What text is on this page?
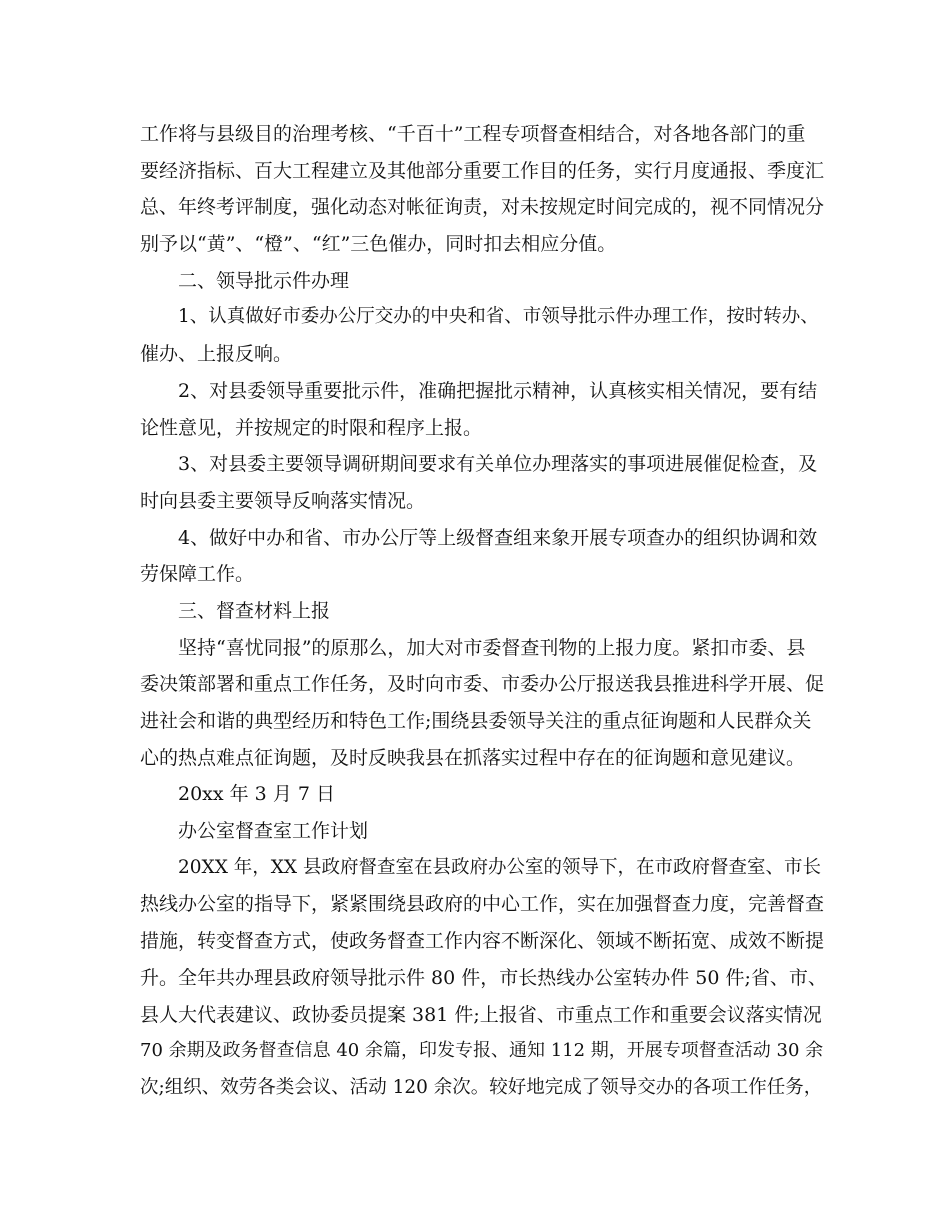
工作将与县级目的治理考核、“千百十”工程专项督查相结合，对各地各部门的重
要经济指标、百大工程建立及其他部分重要工作目的任务，实行月度通报、季度汇
总、年终考评制度，强化动态对帐征询责，对未按规定时间完成的，视不同情况分
别予以“黄”、“橙”、“红”三色催办，同时扣去相应分值。
二、领导批示件办理
1、认真做好市委办公厅交办的中央和省、市领导批示件办理工作，按时转办、
催办、上报反响。
2、对县委领导重要批示件，准确把握批示精神，认真核实相关情况，要有结
论性意见，并按规定的时限和程序上报。
3、对县委主要领导调研期间要求有关单位办理落实的事项进展催促检查，及
时向县委主要领导反响落实情况。
4、做好中办和省、市办公厅等上级督查组来象开展专项查办的组织协调和效
劳保障工作。
三、督查材料上报
坚持“喜忧同报”的原那么，加大对市委督查刊物的上报力度。紧扣市委、县
委决策部署和重点工作任务，及时向市委、市委办公厅报送我县推进科学开展、促
进社会和谐的典型经历和特色工作;围绕县委领导关注的重点征询题和人民群众关
心的热点难点征询题，及时反映我县在抓落实过程中存在的征询题和意见建议。
20xx 年 3 月 7 日
办公室督查室工作计划
20XX 年，XX 县政府督查室在县政府办公室的领导下，在市政府督查室、市长
热线办公室的指导下，紧紧围绕县政府的中心工作，实在加强督查力度，完善督查
措施，转变督查方式，使政务督查工作内容不断深化、领域不断拓宽、成效不断提
升。全年共办理县政府领导批示件 80 件，市长热线办公室转办件 50 件;省、市、
县人大代表建议、政协委员提案 381 件;上报省、市重点工作和重要会议落实情况
70 余期及政务督查信息 40 余篇，印发专报、通知 112 期，开展专项督查活动 30 余
次;组织、效劳各类会议、活动 120 余次。较好地完成了领导交办的各项工作任务，
